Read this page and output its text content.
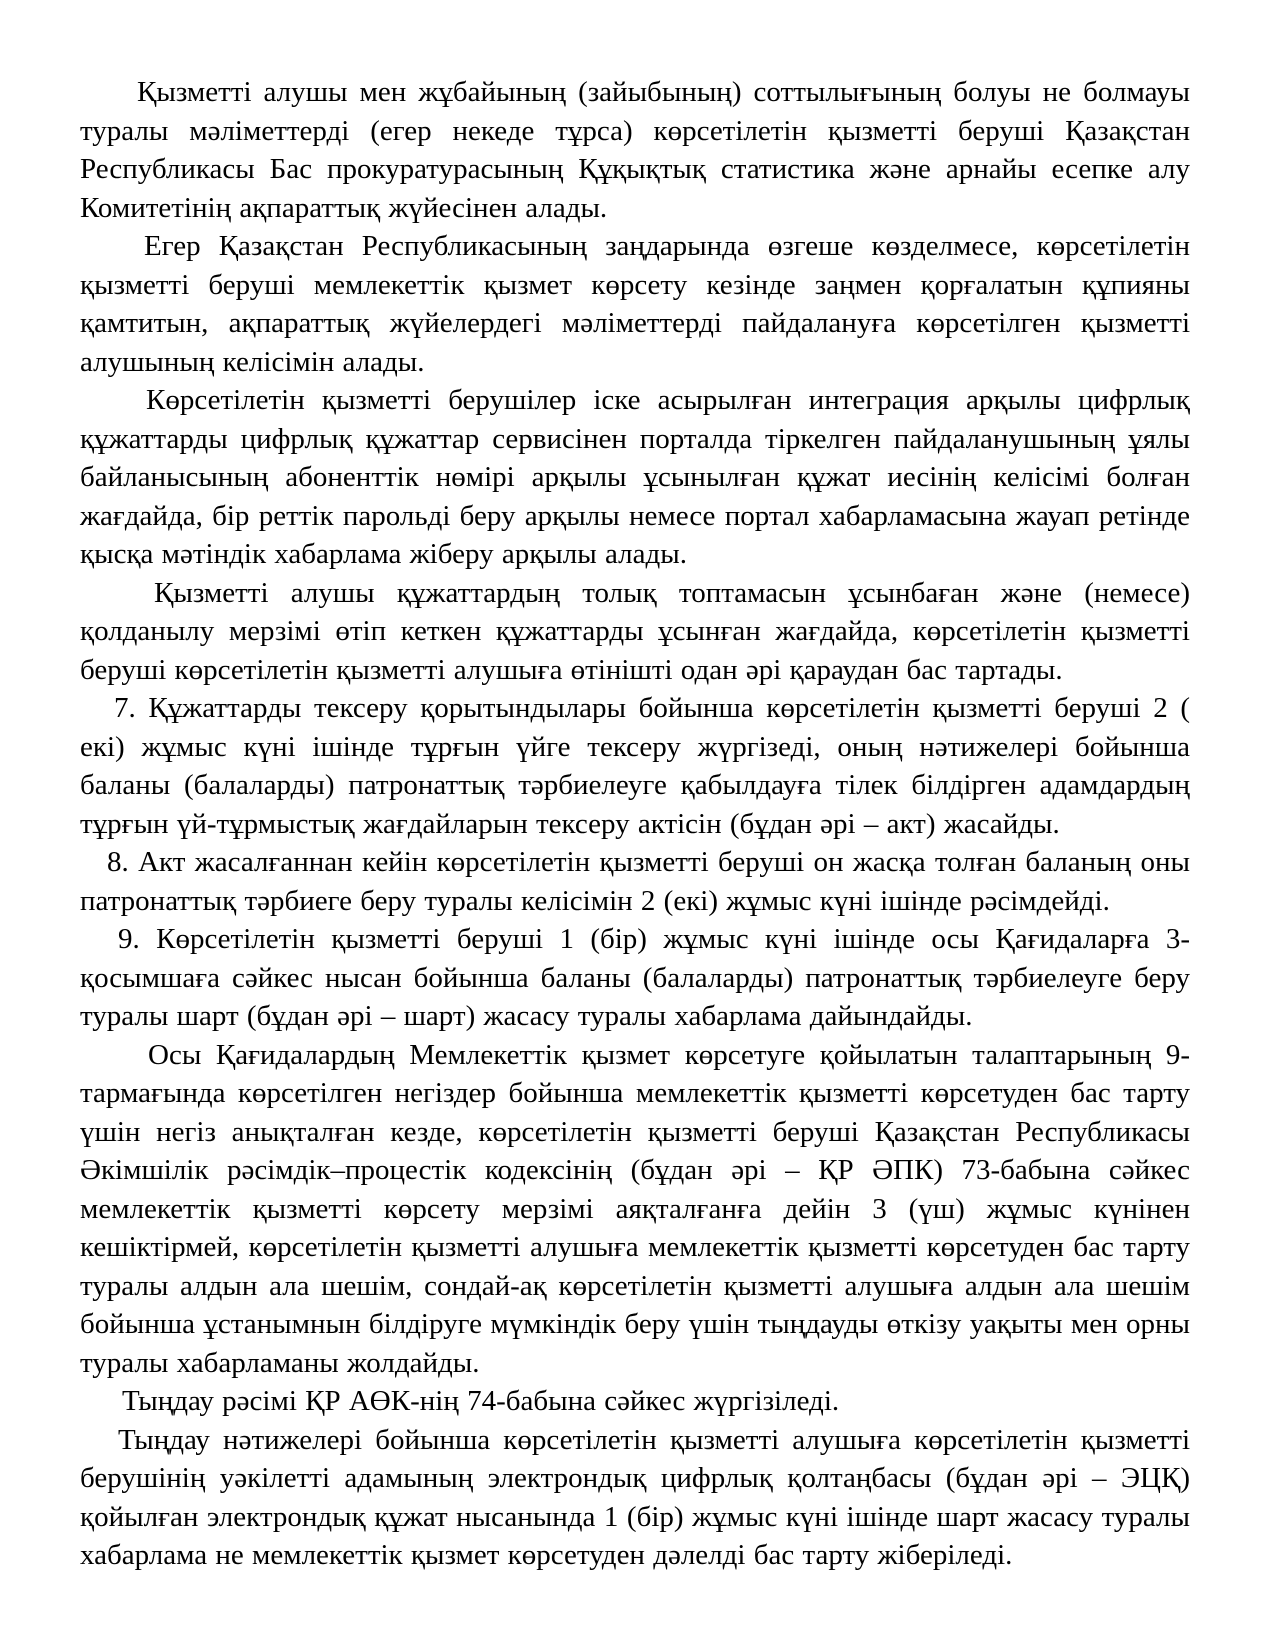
Қызметті алушы мен жұбайының (зайыбының) соттылығының болуы не болмауы туралы мәліметтерді (егер некеде тұрса) көрсетілетін қызметті беруші Қазақстан Республикасы Бас прокуратурасының Құқықтық статистика және арнайы есепке алу Комитетінің ақпараттық жүйесінен алады.

Егер Қазақстан Республикасының заңдарында өзгеше көзделмесе, көрсетілетін қызметті беруші мемлекеттік қызмет көрсету кезінде заңмен қорғалатын құпияны қамтитын, ақпараттық жүйелердегі мәліметтерді пайдалануға көрсетілген қызметті алушының келісімін алады.

Көрсетілетін қызметті берушілер іске асырылған интеграция арқылы цифрлық құжаттарды цифрлық құжаттар сервисінен порталда тіркелген пайдаланушының ұялы байланысының абоненттік нөмірі арқылы ұсынылған құжат иесінің келісімі болған жағдайда, бір реттік парольді беру арқылы немесе портал хабарламасына жауап ретінде қысқа мәтіндік хабарлама жіберу арқылы алады.

Қызметті алушы құжаттардың толық топтамасын ұсынбаған және (немесе) қолданылу мерзімі өтіп кеткен құжаттарды ұсынған жағдайда, көрсетілетін қызметті беруші көрсетілетін қызметті алушыға өтінішті одан әрі қараудан бас тартады.

7. Құжаттарды тексеру қорытындылары бойынша көрсетілетін қызметті беруші 2 ( екі) жұмыс күні ішінде тұрғын үйге тексеру жүргізеді, оның нәтижелері бойынша баланы (балаларды) патронаттық тәрбиелеуге қабылдауға тілек білдірген адамдардың тұрғын үй-тұрмыстық жағдайларын тексеру актісін (бұдан әрі – акт) жасайды.

8. Акт жасалғаннан кейін көрсетілетін қызметті беруші он жасқа толған баланың оны патронаттық тәрбиеге беру туралы келісімін 2 (екі) жұмыс күні ішінде рәсімдейді.

9. Көрсетілетін қызметті беруші 1 (бір) жұмыс күні ішінде осы Қағидаларға 3-қосымшаға сәйкес нысан бойынша баланы (балаларды) патронаттық тәрбиелеуге беру туралы шарт (бұдан әрі – шарт) жасасу туралы хабарлама дайындайды.

Осы Қағидалардың Мемлекеттік қызмет көрсетуге қойылатын талаптарының 9-тармағында көрсетілген негіздер бойынша мемлекеттік қызметті көрсетуден бас тарту үшін негіз анықталған кезде, көрсетілетін қызметті беруші Қазақстан Республикасы Әкімшілік рәсімдік–процестік кодексінің (бұдан әрі – ҚР ӘПК) 73-бабына сәйкес мемлекеттік қызметті көрсету мерзімі аяқталғанға дейін 3 (үш) жұмыс күнінен кешіктірмей, көрсетілетін қызметті алушыға мемлекеттік қызметті көрсетуден бас тарту туралы алдын ала шешім, сондай-ақ көрсетілетін қызметті алушыға алдын ала шешім бойынша ұстанымнын білдіруге мүмкіндік беру үшін тыңдауды өткізу уақыты мен орны туралы хабарламаны жолдайды.

Тыңдау рәсімі ҚР АӨК-нің 74-бабына сәйкес жүргізіледі.

Тыңдау нәтижелері бойынша көрсетілетін қызметті алушыға көрсетілетін қызметті берушінің уәкілетті адамының электрондық цифрлық қолтаңбасы (бұдан әрі – ЭЦҚ) қойылған электрондық құжат нысанында 1 (бір) жұмыс күні ішінде шарт жасасу туралы хабарлама не мемлекеттік қызмет көрсетуден дәлелді бас тарту жіберіледі.
